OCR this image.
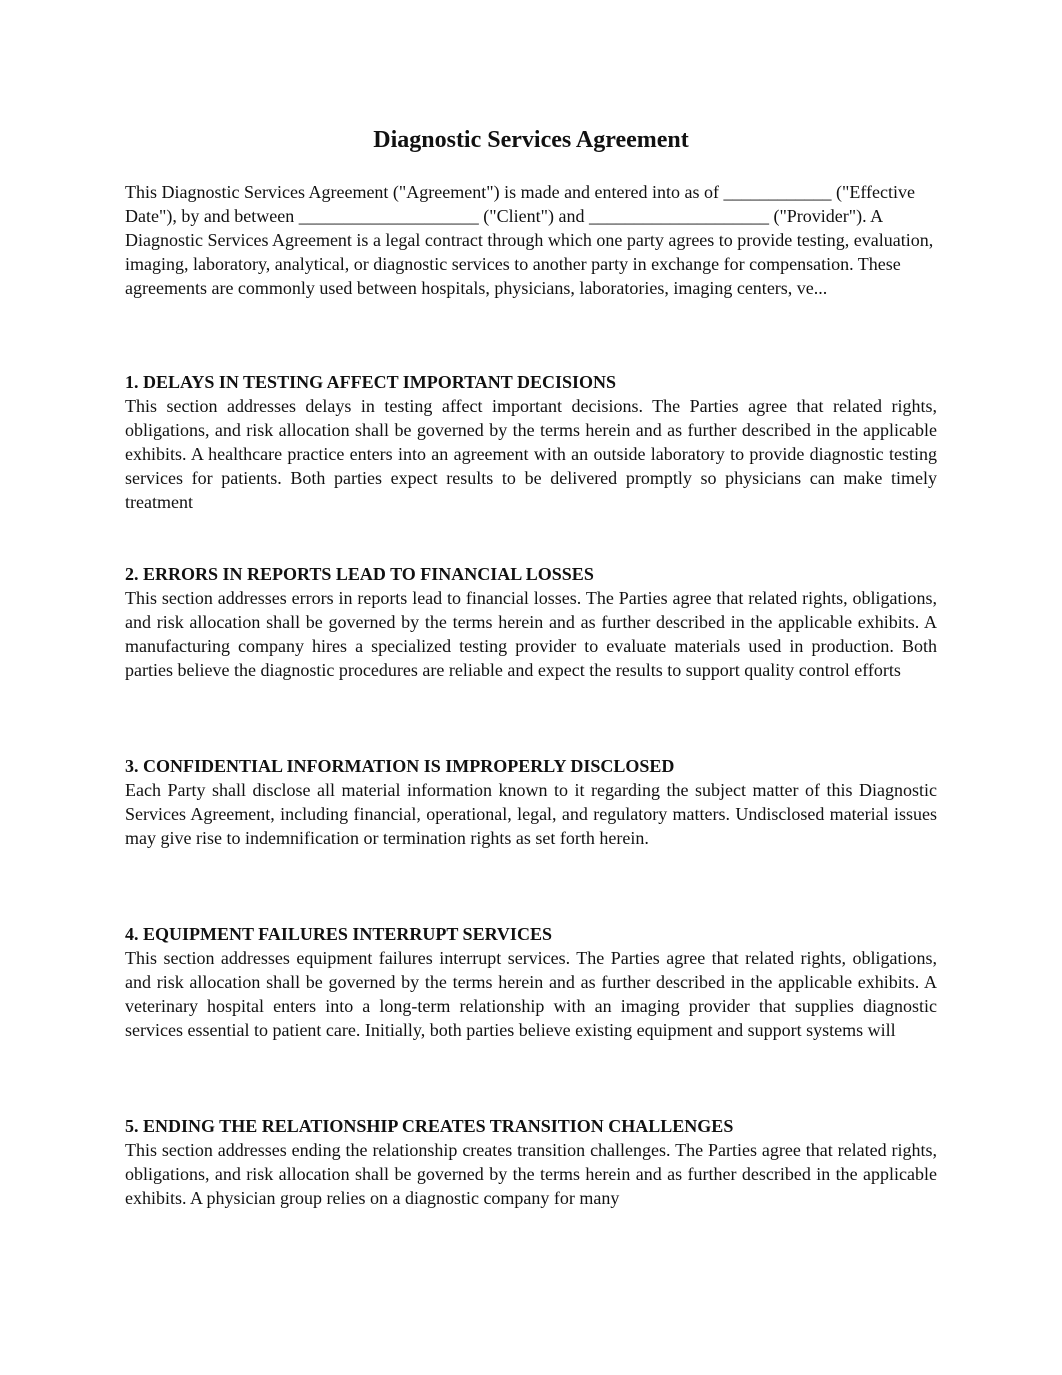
Diagnostic Services Agreement

This Diagnostic Services Agreement ("Agreement") is made and entered into as of ____________ ("Effective Date"), by and between ____________________ ("Client") and ____________________ ("Provider"). A Diagnostic Services Agreement is a legal contract through which one party agrees to provide testing, evaluation, imaging, laboratory, analytical, or diagnostic services to another party in exchange for compensation. These agreements are commonly used between hospitals, physicians, laboratories, imaging centers, ve...

1. DELAYS IN TESTING AFFECT IMPORTANT DECISIONS

This section addresses delays in testing affect important decisions. The Parties agree that related rights, obligations, and risk allocation shall be governed by the terms herein and as further described in the applicable exhibits. A healthcare practice enters into an agreement with an outside laboratory to provide diagnostic testing services for patients. Both parties expect results to be delivered promptly so physicians can make timely treatment

2. ERRORS IN REPORTS LEAD TO FINANCIAL LOSSES

This section addresses errors in reports lead to financial losses. The Parties agree that related rights, obligations, and risk allocation shall be governed by the terms herein and as further described in the applicable exhibits. A manufacturing company hires a specialized testing provider to evaluate materials used in production. Both parties believe the diagnostic procedures are reliable and expect the results to support quality control efforts

3. CONFIDENTIAL INFORMATION IS IMPROPERLY DISCLOSED

Each Party shall disclose all material information known to it regarding the subject matter of this Diagnostic Services Agreement, including financial, operational, legal, and regulatory matters. Undisclosed material issues may give rise to indemnification or termination rights as set forth herein.

4. EQUIPMENT FAILURES INTERRUPT SERVICES

This section addresses equipment failures interrupt services. The Parties agree that related rights, obligations, and risk allocation shall be governed by the terms herein and as further described in the applicable exhibits. A veterinary hospital enters into a long-term relationship with an imaging provider that supplies diagnostic services essential to patient care. Initially, both parties believe existing equipment and support systems will

5. ENDING THE RELATIONSHIP CREATES TRANSITION CHALLENGES

This section addresses ending the relationship creates transition challenges. The Parties agree that related rights, obligations, and risk allocation shall be governed by the terms herein and as further described in the applicable exhibits. A physician group relies on a diagnostic company for many
